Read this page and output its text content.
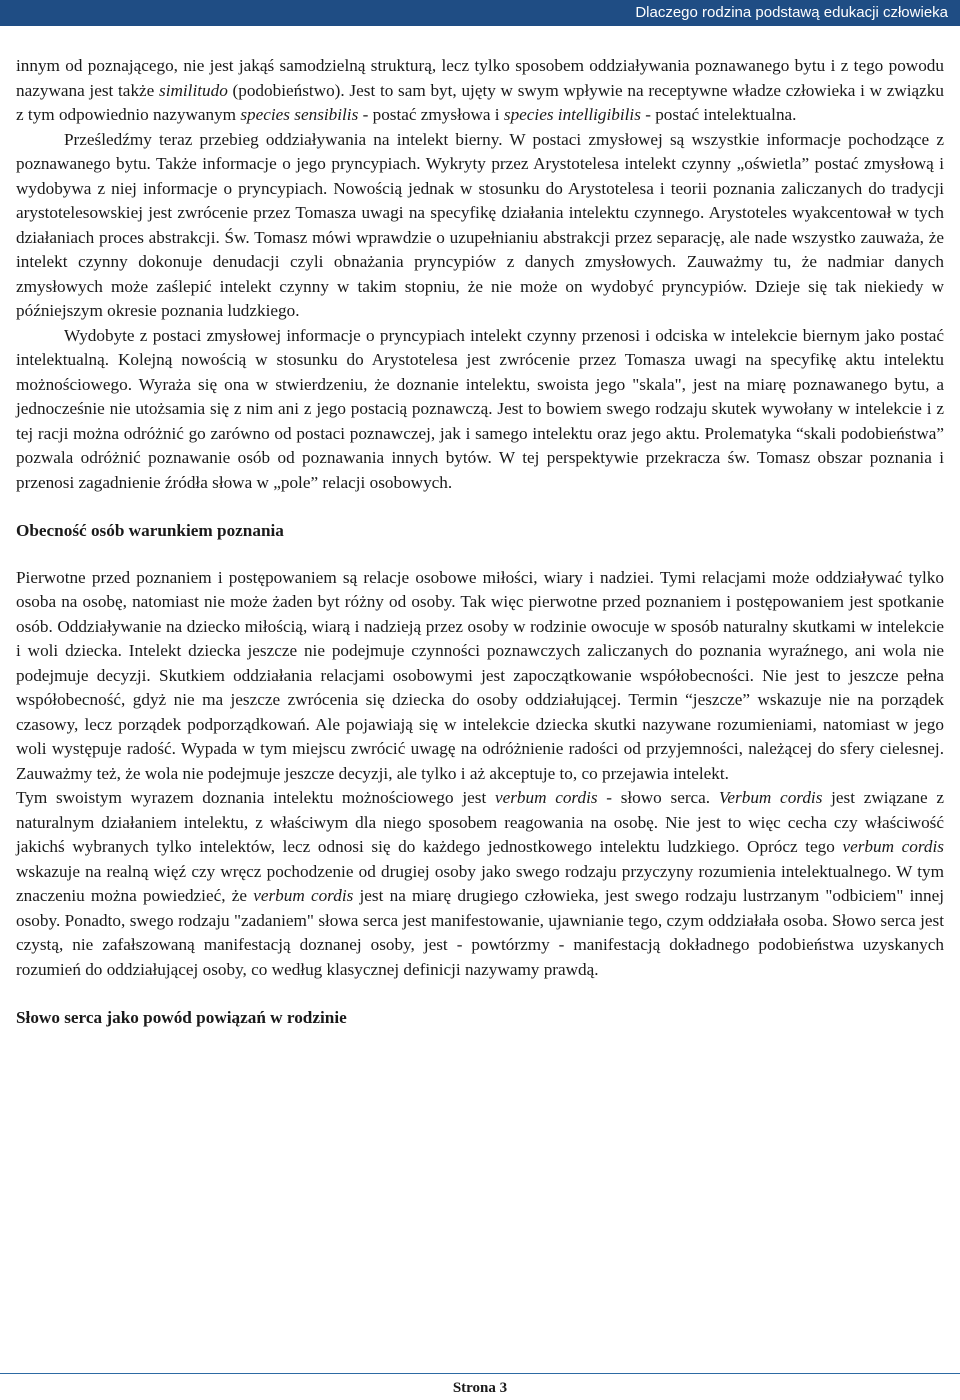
Dlaczego rodzina podstawą edukacji człowieka

innym od poznającego, nie jest jakąś samodzielną strukturą, lecz tylko sposobem oddziaływania poznawanego bytu i z tego powodu nazywana jest także similitudo (podobieństwo). Jest to sam byt, ujęty w swym wpływie na receptywne władze człowieka i w związku z tym odpowiednio nazywanym species sensibilis - postać zmysłowa i species intelligibilis - postać intelektualna.

Prześledźmy teraz przebieg oddziaływania na intelekt bierny. W postaci zmysłowej są wszystkie informacje pochodzące z poznawanego bytu. Także informacje o jego pryncypiach. Wykryty przez Arystotelesa intelekt czynny „oświetla” postać zmysłową i wydobywa z niej informacje o pryncypiach. Nowością jednak w stosunku do Arystotelesa i teorii poznania zaliczanych do tradycji arystotelesowskiej jest zwrócenie przez Tomasza uwagi na specyfikę działania intelektu czynnego. Arystoteles wyakcentował w tych działaniach proces abstrakcji. Św. Tomasz mówi wprawdzie o uzupełnianiu abstrakcji przez separację, ale nade wszystko zauważa, że intelekt czynny dokonuje denudacji czyli obnażania pryncypiów z danych zmysłowych. Zauważmy tu, że nadmiar danych zmysłowych może zaślepić intelekt czynny w takim stopniu, że nie może on wydobyć pryncypiów. Dzieje się tak niekiedy w późniejszym okresie poznania ludzkiego.

Wydobyte z postaci zmysłowej informacje o pryncypiach intelekt czynny przenosi i odciska w intelekcie biernym jako postać intelektualną. Kolejną nowością w stosunku do Arystotelesa jest zwrócenie przez Tomasza uwagi na specyfikę aktu intelektu możnościowego. Wyraża się ona w stwierdzeniu, że doznanie intelektu, swoista jego "skala", jest na miarę poznawanego bytu, a jednocześnie nie utożsamia się z nim ani z jego postacią poznawczą. Jest to bowiem swego rodzaju skutek wywołany w intelekcie i z tej racji można odróżnić go zarówno od postaci poznawczej, jak i samego intelektu oraz jego aktu. Prolematyka “skali podobieństwa” pozwala odróżnić poznawanie osób od poznawania innych bytów. W tej perspektywie przekracza św. Tomasz obszar poznania i przenosi zagadnienie źródła słowa w „pole” relacji osobowych.

Obecność osób warunkiem poznania

Pierwotne przed poznaniem i postępowaniem są relacje osobowe miłości, wiary i nadziei. Tymi relacjami może oddziaływać tylko osoba na osobę, natomiast nie może żaden byt różny od osoby. Tak więc pierwotne przed poznaniem i postępowaniem jest spotkanie osób. Oddziaływanie na dziecko miłością, wiarą i nadzieją przez osoby w rodzinie owocuje w sposób naturalny skutkami w intelekcie i woli dziecka. Intelekt dziecka jeszcze nie podejmuje czynności poznawczych zaliczanych do poznania wyraźnego, ani wola nie podejmuje decyzji. Skutkiem oddziałania relacjami osobowymi jest zapoczątkowanie współobecności. Nie jest to jeszcze pełna współobecność, gdyż nie ma jeszcze zwrócenia się dziecka do osoby oddziałującej. Termin “jeszcze” wskazuje nie na porządek czasowy, lecz porządek podporządkowań. Ale pojawiają się w intelekcie dziecka skutki nazywane rozumieniami, natomiast w jego woli występuje radość. Wypada w tym miejscu zwrócić uwagę na odróżnienie radości od przyjemności, należącej do sfery cielesnej. Zauważmy też, że wola nie podejmuje jeszcze decyzji, ale tylko i aż akceptuje to, co przejawia intelekt.

Tym swoistym wyrazem doznania intelektu możnościowego jest verbum cordis - słowo serca. Verbum cordis jest związane z naturalnym działaniem intelektu, z właściwym dla niego sposobem reagowania na osobę. Nie jest to więc cecha czy właściwość jakichś wybranych tylko intelektów, lecz odnosi się do każdego jednostkowego intelektu ludzkiego. Oprócz tego verbum cordis wskazuje na realną więź czy wręcz pochodzenie od drugiej osoby jako swego rodzaju przyczyny rozumienia intelektualnego. W tym znaczeniu można powiedzieć, że verbum cordis jest na miarę drugiego człowieka, jest swego rodzaju lustrzanym "odbiciem" innej osoby. Ponadto, swego rodzaju "zadaniem" słowa serca jest manifestowanie, ujawnianie tego, czym oddziałała osoba. Słowo serca jest czystą, nie zafałszowaną manifestacją doznanej osoby, jest - powtórzmy - manifestacją dokładnego podobieństwa uzyskanych rozumień do oddziałującej osoby, co według klasycznej definicji nazywamy prawdą.

Słowo serca jako powód powiązań w rodzinie
Strona 3
